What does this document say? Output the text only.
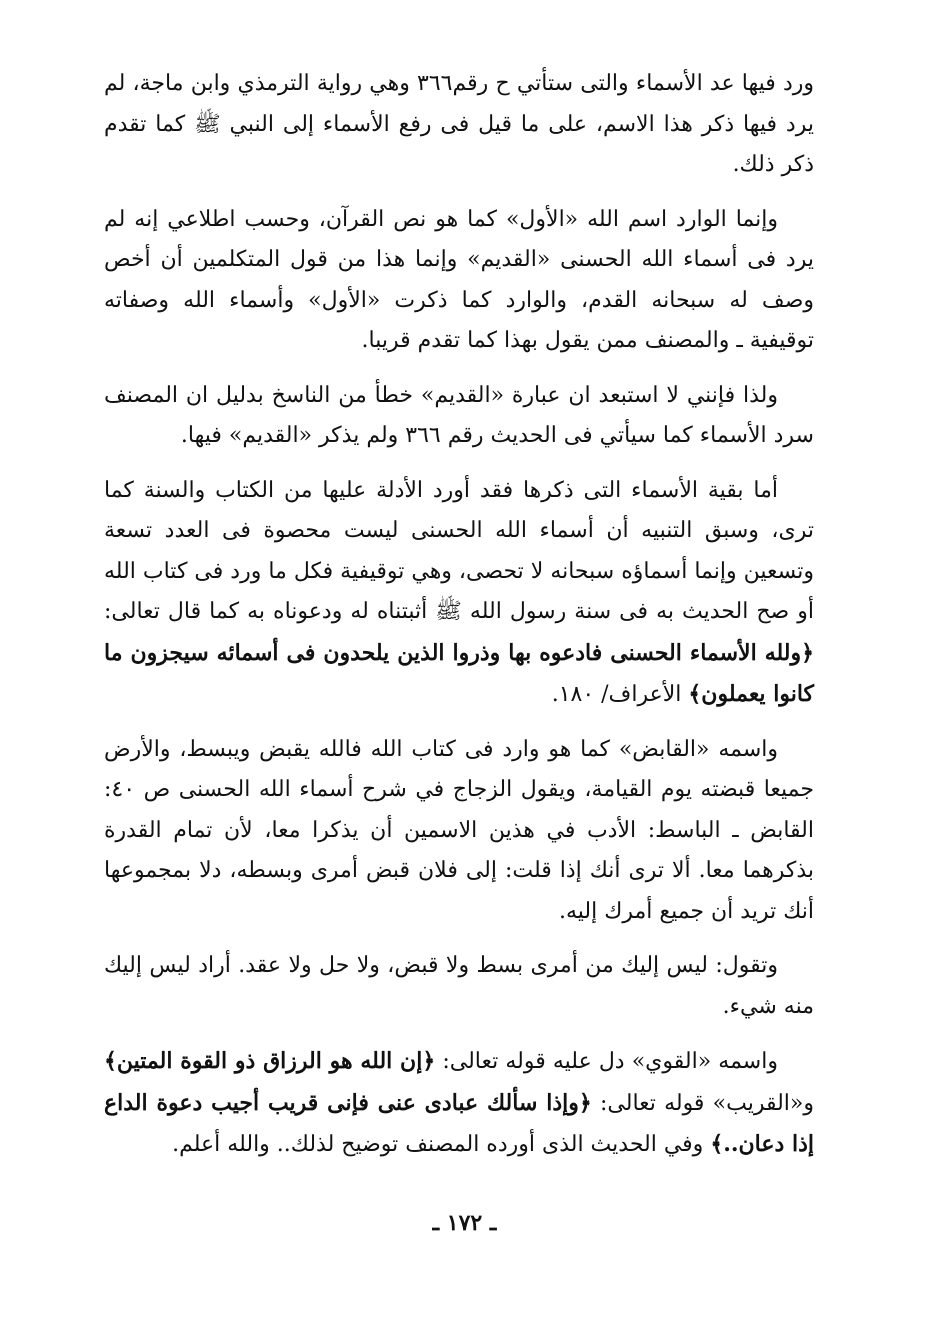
ورد فيها عد الأسماء والتى ستأتي ح رقم٣٦٦ وهي رواية الترمذي وابن ماجة، لم يرد فيها ذكر هذا الاسم، على ما قيل فى رفع الأسماء إلى النبي ﷺ كما تقدم ذكر ذلك.

وإنما الوارد اسم الله «الأول» كما هو نص القرآن، وحسب اطلاعي إنه لم يرد فى أسماء الله الحسنى «القديم» وإنما هذا من قول المتكلمين أن أخص وصف له سبحانه القدم، والوارد كما ذكرت «الأول» وأسماء الله وصفاته توقيفية ـ والمصنف ممن يقول بهذا كما تقدم قريبا.

ولذا فإنني لا استبعد ان عبارة «القديم» خطأ من الناسخ بدليل ان المصنف سرد الأسماء كما سيأتي فى الحديث رقم ٣٦٦ ولم يذكر «القديم» فيها.

أما بقية الأسماء التى ذكرها فقد أورد الأدلة عليها من الكتاب والسنة كما ترى، وسبق التنبيه أن أسماء الله الحسنى ليست محصوة فى العدد تسعة وتسعين وإنما أسماؤه سبحانه لا تحصى، وهي توقيفية فكل ما ورد فى كتاب الله أو صح الحديث به فى سنة رسول الله ﷺ أثبتناه له ودعوناه به كما قال تعالى: ﴿ولله الأسماء الحسنى فادعوه بها وذروا الذين يلحدون فى أسمائه سيجزون ما كانوا يعملون﴾ الأعراف/ ١٨٠.

واسمه «القابض» كما هو وارد فى كتاب الله فالله يقبض ويبسط، والأرض جميعا قبضته يوم القيامة، ويقول الزجاج في شرح أسماء الله الحسنى ص ٤٠: القابض ـ الباسط: الأدب في هذين الاسمين أن يذكرا معا، لأن تمام القدرة بذكرهما معا. ألا ترى أنك إذا قلت: إلى فلان قبض أمرى وبسطه، دلا بمجموعها أنك تريد أن جميع أمرك إليه.

وتقول: ليس إليك من أمرى بسط ولا قبض، ولا حل ولا عقد. أراد ليس إليك منه شيء.

واسمه «القوي» دل عليه قوله تعالى: ﴿إن الله هو الرزاق ذو القوة المتين﴾ و«القريب» قوله تعالى: ﴿وإذا سألك عبادى عنى فإنى قريب أجيب دعوة الداع إذا دعان..﴾ وفي الحديث الذى أورده المصنف توضيح لذلك.. والله أعلم.

ـ ١٧٢ ـ
